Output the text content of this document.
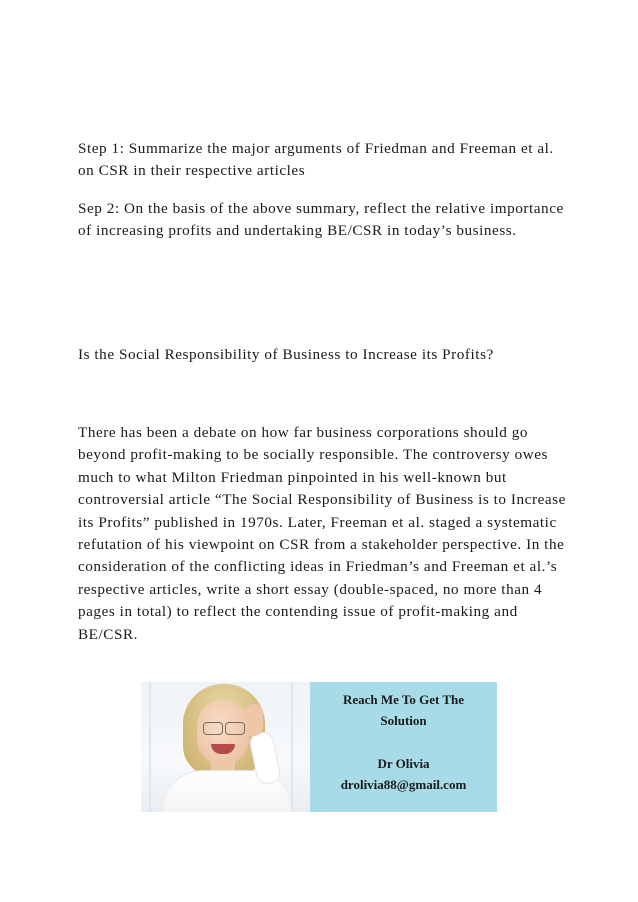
Step 1: Summarize the major arguments of Friedman and Freeman et al. on CSR in their respective articles

Sep 2: On the basis of the above summary, reflect the relative importance of increasing profits and undertaking BE/CSR in today’s business.

Is the Social Responsibility of Business to Increase its Profits?

There has been a debate on how far business corporations should go beyond profit-making to be socially responsible. The controversy owes much to what Milton Friedman pinpointed in his well-known but controversial article “The Social Responsibility of Business is to Increase its Profits” published in 1970s. Later, Freeman et al. staged a systematic refutation of his viewpoint on CSR from a stakeholder perspective. In the consideration of the conflicting ideas in Friedman’s and Freeman et al.’s respective articles, write a short essay (double-spaced, no more than 4 pages in total) to reflect the contending issue of profit-making and BE/CSR.

Reach Me To Get The
Solution
Dr Olivia
drolivia88@gmail.com
